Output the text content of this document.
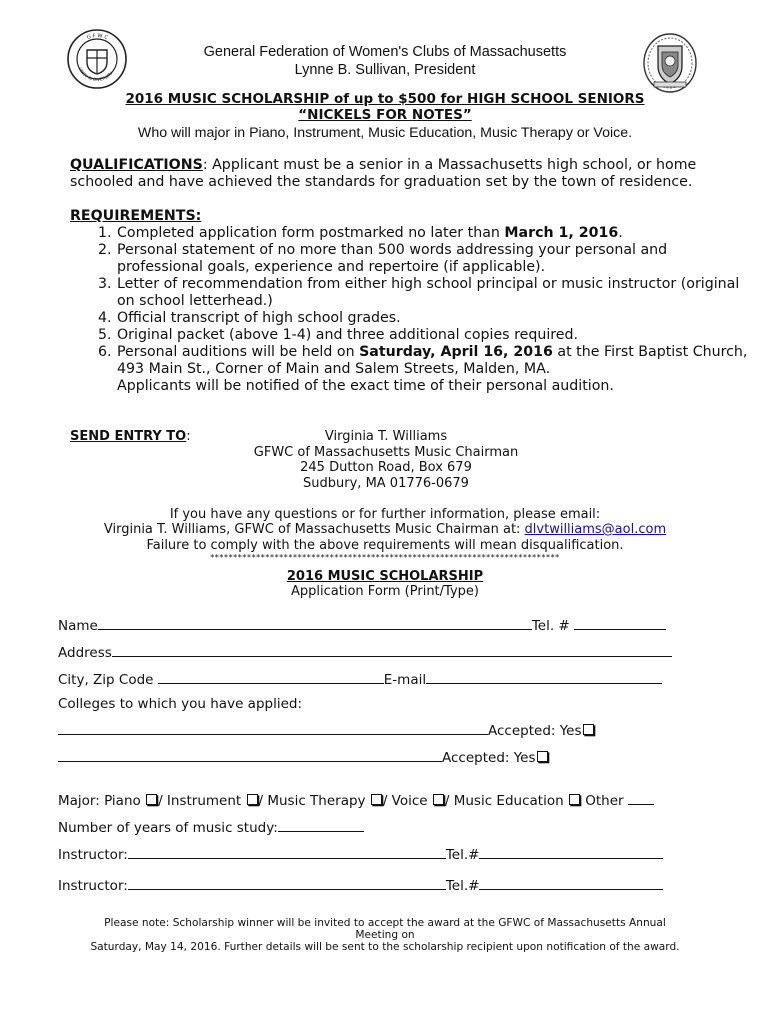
G F W C
UNITY IN DIVERSITY
General Federation of Women's Clubs of Massachusetts
Lynne B. Sullivan, President
2016 MUSIC SCHOLARSHIP of up to $500 for HIGH SCHOOL SENIORS
“NICKELS FOR NOTES”
Who will major in Piano, Instrument, Music Education, Music Therapy or Voice.
QUALIFICATIONS: Applicant must be a senior in a Massachusetts high school, or home schooled and have achieved the standards for graduation set by the town of residence.
REQUIREMENTS:
1. Completed application form postmarked no later than March 1, 2016.
2. Personal statement of no more than 500 words addressing your personal and professional goals, experience and repertoire (if applicable).
3. Letter of recommendation from either high school principal or music instructor (original on school letterhead.)
4. Official transcript of high school grades.
5. Original packet (above 1-4) and three additional copies required.
6. Personal auditions will be held on Saturday, April 16, 2016 at the First Baptist Church, 493 Main St., Corner of Main and Salem Streets, Malden, MA.
Applicants will be notified of the exact time of their personal audition.
SEND ENTRY TO:	Virginia T. Williams
GFWC of Massachusetts Music Chairman
245 Dutton Road, Box 679
Sudbury, MA 01776-0679
If you have any questions or for further information, please email:
Virginia T. Williams, GFWC of Massachusetts Music Chairman at: dlvtwilliams@aol.com
Failure to comply with the above requirements will mean disqualification.
****************************************************************************
2016 MUSIC SCHOLARSHIP
Application Form (Print/Type)
Name	Tel. #
Address
City, Zip Code	E-mail
Colleges to which you have applied:
Accepted: Yes
Accepted: Yes
Major: Piano / Instrument / Music Therapy / Voice / Music Education Other
Number of years of music study:
Instructor:	Tel.#
Instructor:	Tel.#
Please note: Scholarship winner will be invited to accept the award at the GFWC of Massachusetts Annual
Meeting on
Saturday, May 14, 2016. Further details will be sent to the scholarship recipient upon notification of the award.
